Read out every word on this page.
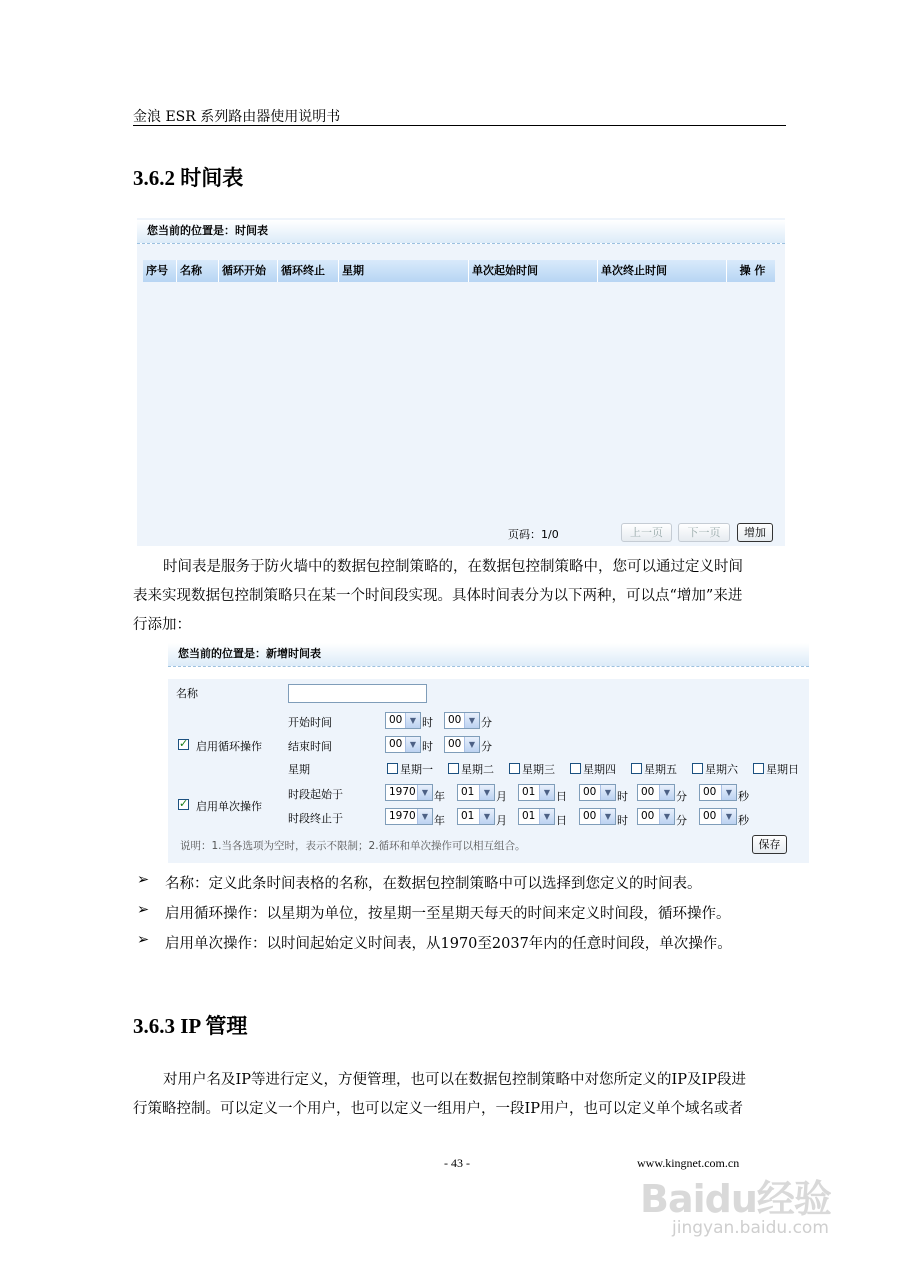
金浪 ESR 系列路由器使用说明书
3.6.2 时间表
您当前的位置是：时间表
序号	名称	循环开始	循环终止	星期	单次起始时间	单次终止时间	操 作
页码：1/0	上一页	下一页	增加
时间表是服务于防火墙中的数据包控制策略的，在数据包控制策略中，您可以通过定义时间
表来实现数据包控制策略只在某一个时间段实现。具体时间表分为以下两种，可以点“增加”来进
行添加：
您当前的位置是：新增时间表
名称
开始时间	00 ▼ 时	00 ▼ 分
✓
启用循环操作 结束时间	00 ▼ 时	00 ▼ 分
星期	星期一	星期二	星期三	星期四	星期五	星期六	星期日
时段起始于	1970 ▼ 年	01	▼ 月	01	▼ 日	00	▼ 时	00	▼ 分	00	▼ 秒
✓
启用单次操作
时段终止于	1970 ▼ 年	01	▼ 月	01	▼ 日	00	▼ 时	00	▼ 分	00	▼ 秒
说明：1.当各选项为空时，表示不限制；2.循环和单次操作可以相互组合。	保存
➢ 名称：定义此条时间表格的名称，在数据包控制策略中可以选择到您定义的时间表。
➢ 启用循环操作：以星期为单位，按星期一至星期天每天的时间来定义时间段，循环操作。
➢ 启用单次操作：以时间起始定义时间表，从1970至2037年内的任意时间段，单次操作。
3.6.3 IP 管理
对用户名及IP等进行定义，方便管理，也可以在数据包控制策略中对您所定义的IP及IP段进
行策略控制。可以定义一个用户，也可以定义一组用户，一段IP用户，也可以定义单个域名或者
- 43 -	www.kingnet.com.cn
Baidu经验
jingyan.baidu.com
